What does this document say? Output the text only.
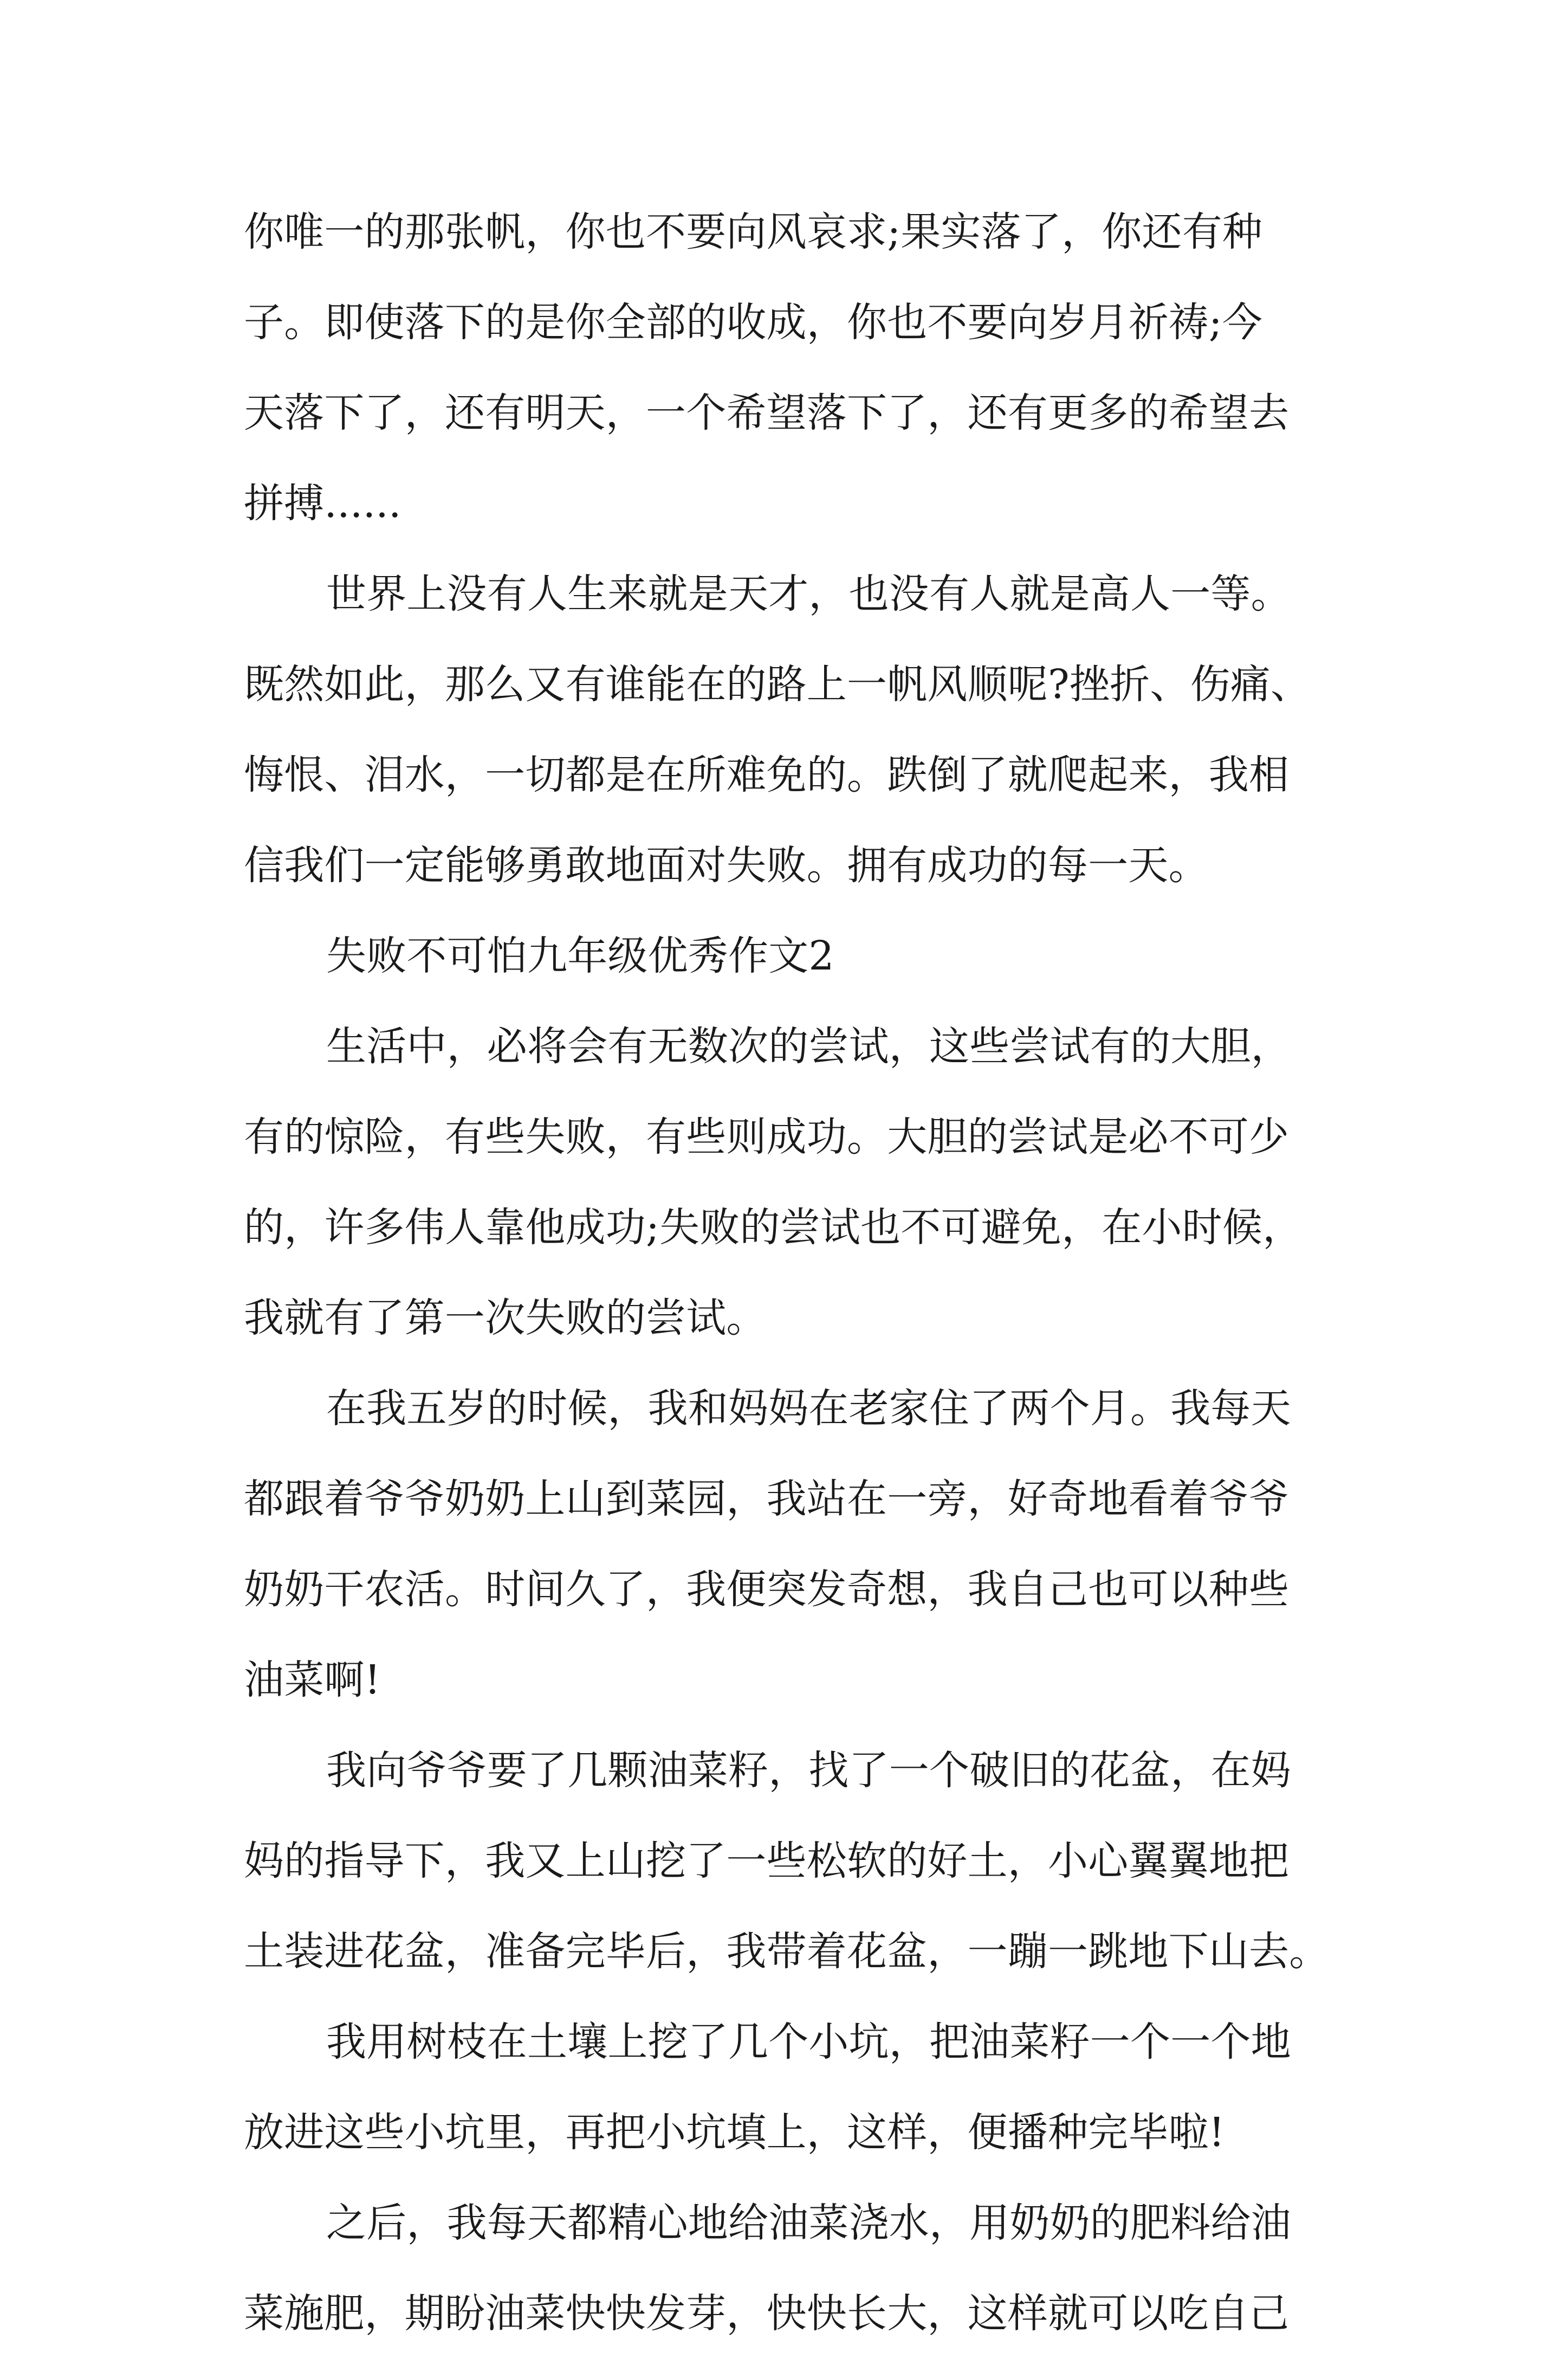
你唯一的那张帆，你也不要向风哀求;果实落了，你还有种
子。即使落下的是你全部的收成，你也不要向岁月祈祷;今
天落下了，还有明天，一个希望落下了，还有更多的希望去
拼搏......
世界上没有人生来就是天才，也没有人就是高人一等。
既然如此，那么又有谁能在的路上一帆风顺呢?挫折、伤痛、
悔恨、泪水，一切都是在所难免的。跌倒了就爬起来，我相
信我们一定能够勇敢地面对失败。拥有成功的每一天。
失败不可怕九年级优秀作文2
生活中，必将会有无数次的尝试，这些尝试有的大胆，
有的惊险，有些失败，有些则成功。大胆的尝试是必不可少
的，许多伟人靠他成功;失败的尝试也不可避免，在小时候，
我就有了第一次失败的尝试。
在我五岁的时候，我和妈妈在老家住了两个月。我每天
都跟着爷爷奶奶上山到菜园，我站在一旁，好奇地看着爷爷
奶奶干农活。时间久了，我便突发奇想，我自己也可以种些
油菜啊!
我向爷爷要了几颗油菜籽，找了一个破旧的花盆，在妈
妈的指导下，我又上山挖了一些松软的好土，小心翼翼地把
土装进花盆，准备完毕后，我带着花盆，一蹦一跳地下山去。
我用树枝在土壤上挖了几个小坑，把油菜籽一个一个地
放进这些小坑里，再把小坑填上，这样，便播种完毕啦!
之后，我每天都精心地给油菜浇水，用奶奶的肥料给油
菜施肥，期盼油菜快快发芽，快快长大，这样就可以吃自己
